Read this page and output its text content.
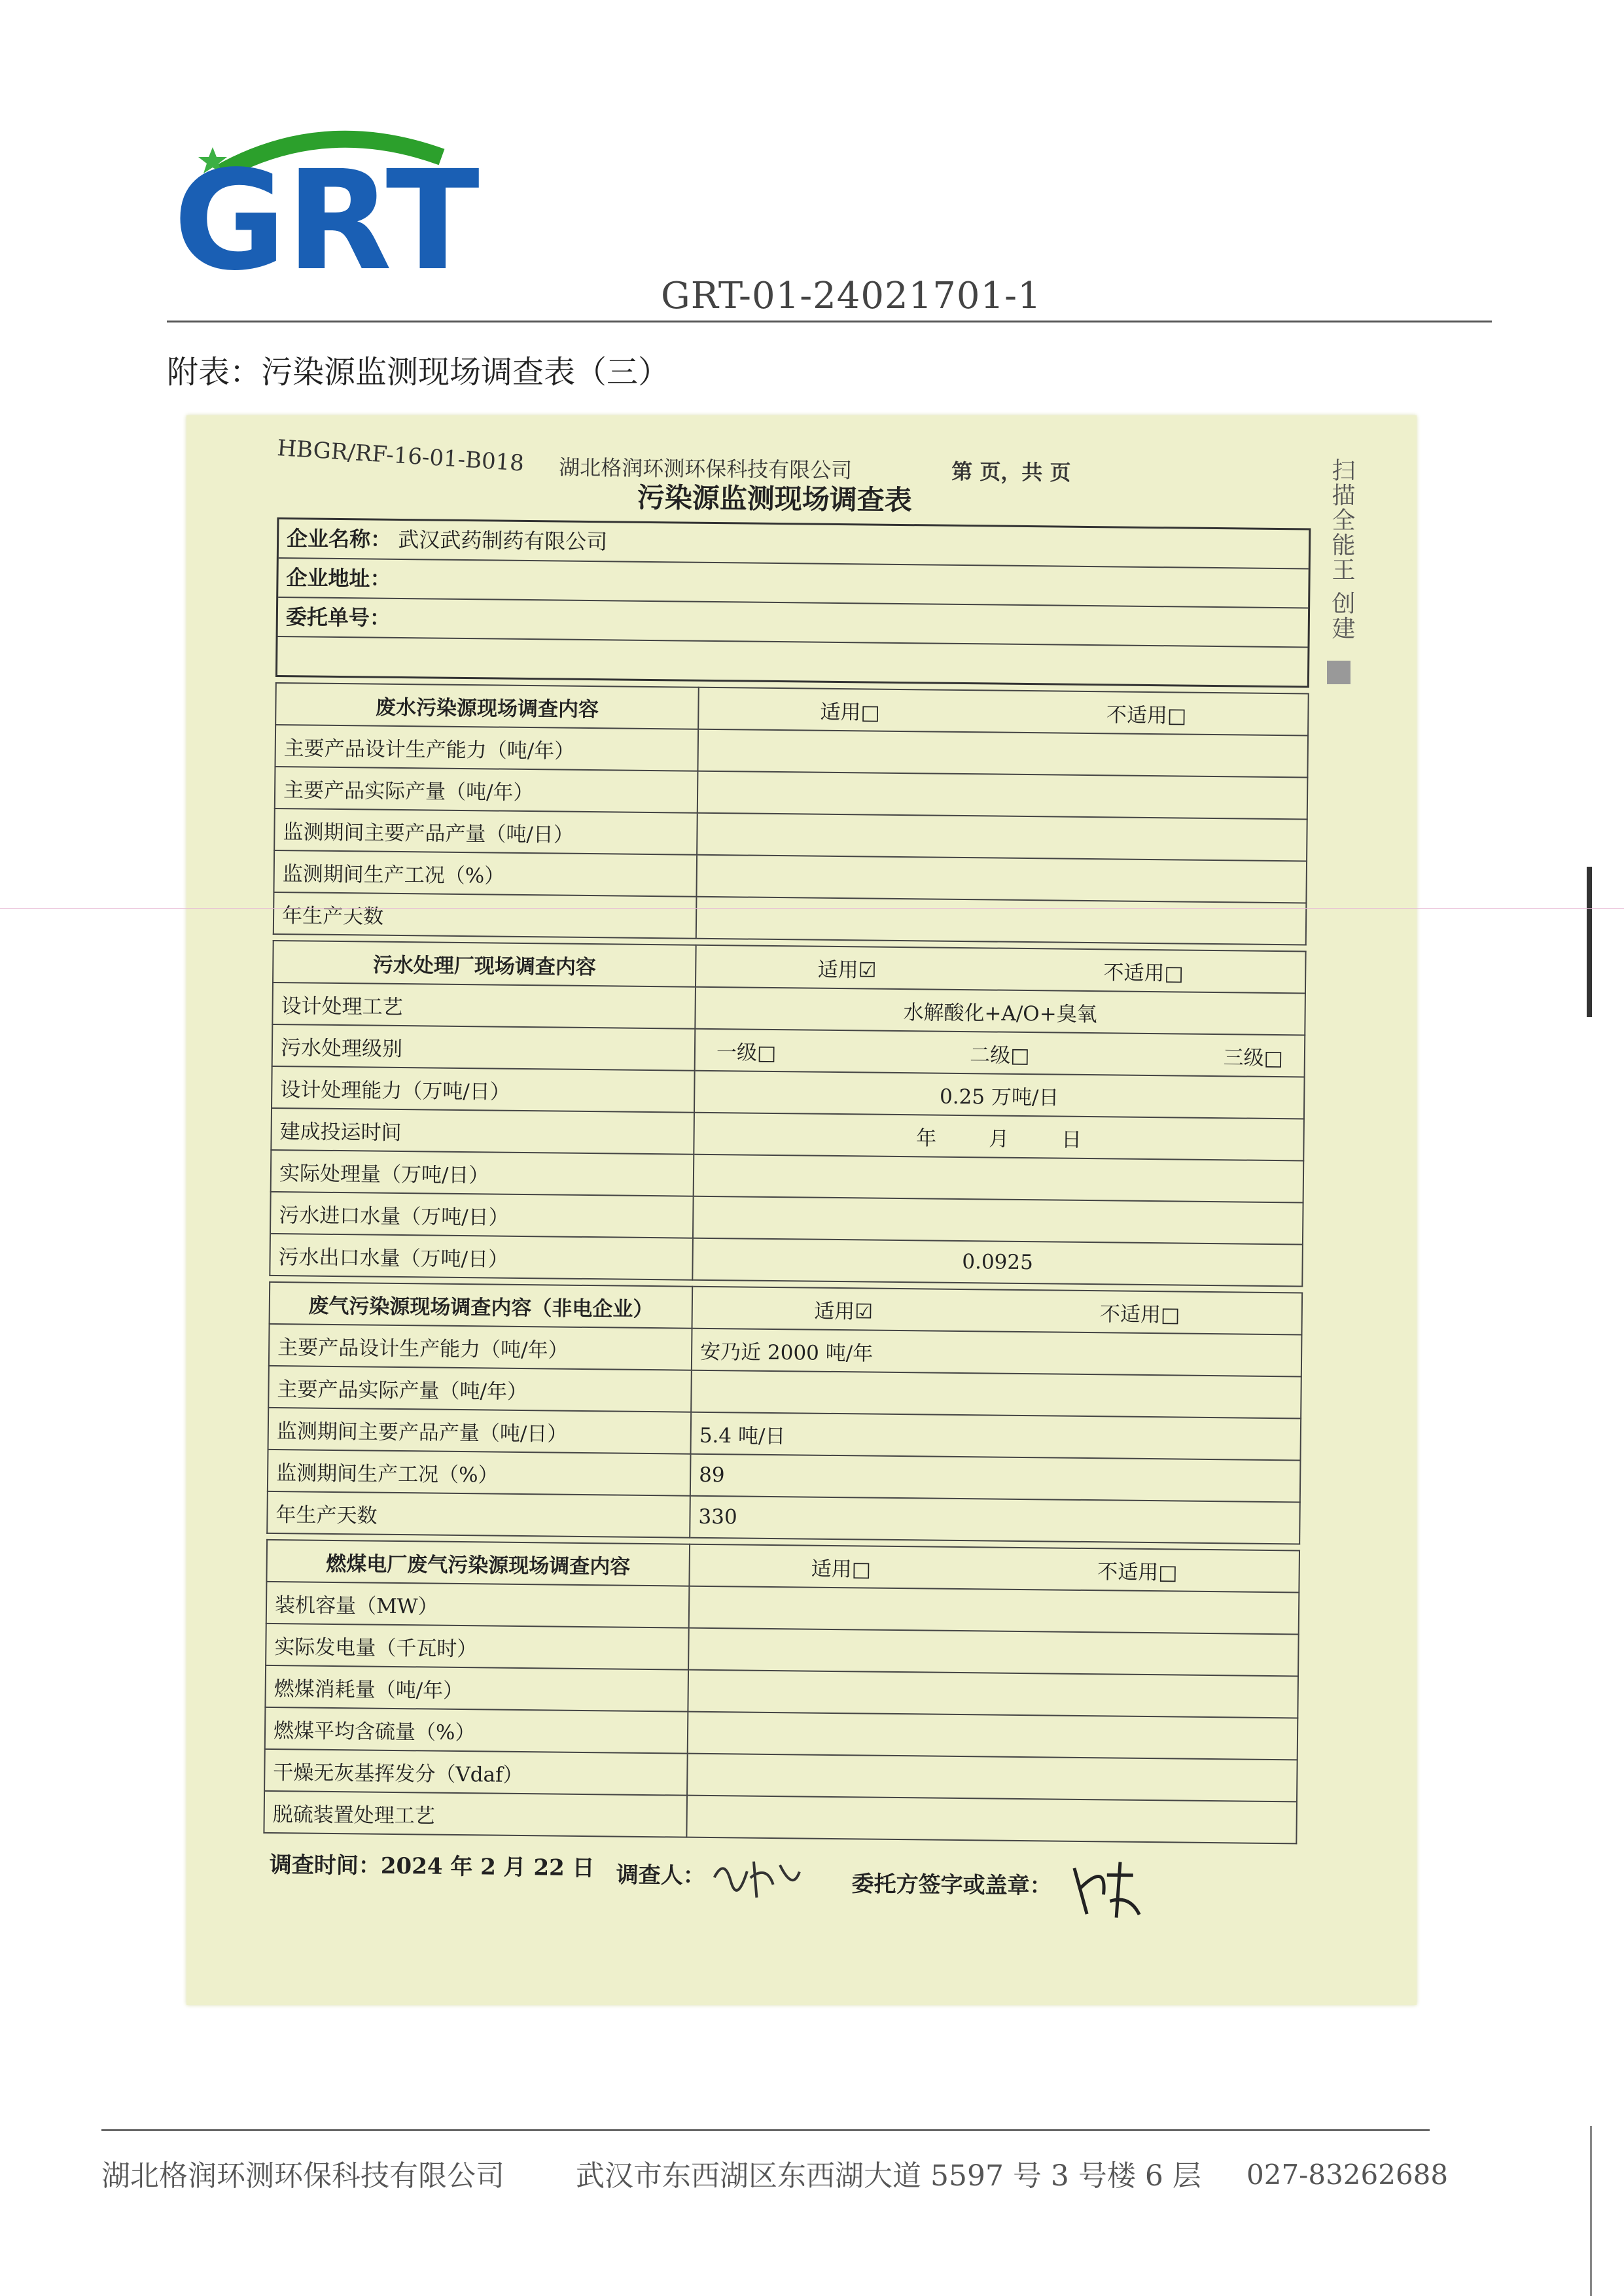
GRT	GRT-01-24021701-1
附表：污染源监测现场调查表（三）
HBGR/RF-16-01-B018 湖北格润环测环保科技有限公司	第 页，共 页
污染源监测现场调查表
企业名称： 武汉武药制药有限公司
企业地址：
委托单号：
废水污染源现场调查内容	适用□ 不适用□

主要产品设计生产能力（吨/年）	
主要产品实际产量（吨/年）	
监测期间主要产品产量（吨/日）	
监测期间生产工况（%）	
年生产天数	
污水处理厂现场调查内容	适用☑ 不适用□

设计处理工艺	水解酸化+A/O+臭氧
污水处理级别	一级□ 二级□ 三级□

设计处理能力（万吨/日）	0.25 万吨/日
建成投运时间	年 月 日

实际处理量（万吨/日）	
污水进口水量（万吨/日）	
污水出口水量（万吨/日）	0.0925
废气污染源现场调查内容（非电企业）	适用☑ 不适用□

主要产品设计生产能力（吨/年）	安乃近 2000 吨/年
主要产品实际产量（吨/年）	
监测期间主要产品产量（吨/日）	5.4 吨/日
监测期间生产工况（%）	89
年生产天数	330
燃煤电厂废气污染源现场调查内容	适用□ 不适用□

装机容量（MW）	
实际发电量（千瓦时）	
燃煤消耗量（吨/年）	
燃煤平均含硫量（%）	
干燥无灰基挥发分（Vdaf）	
脱硫装置处理工艺	
调查时间：2024 年 2 月 22 日 调查人：	委托方签字或盖章：
扫描全能王 创建
湖北格润环测环保科技有限公司 武汉市东西湖区东西湖大道 5597 号 3 号楼 6 层 027-83262688
